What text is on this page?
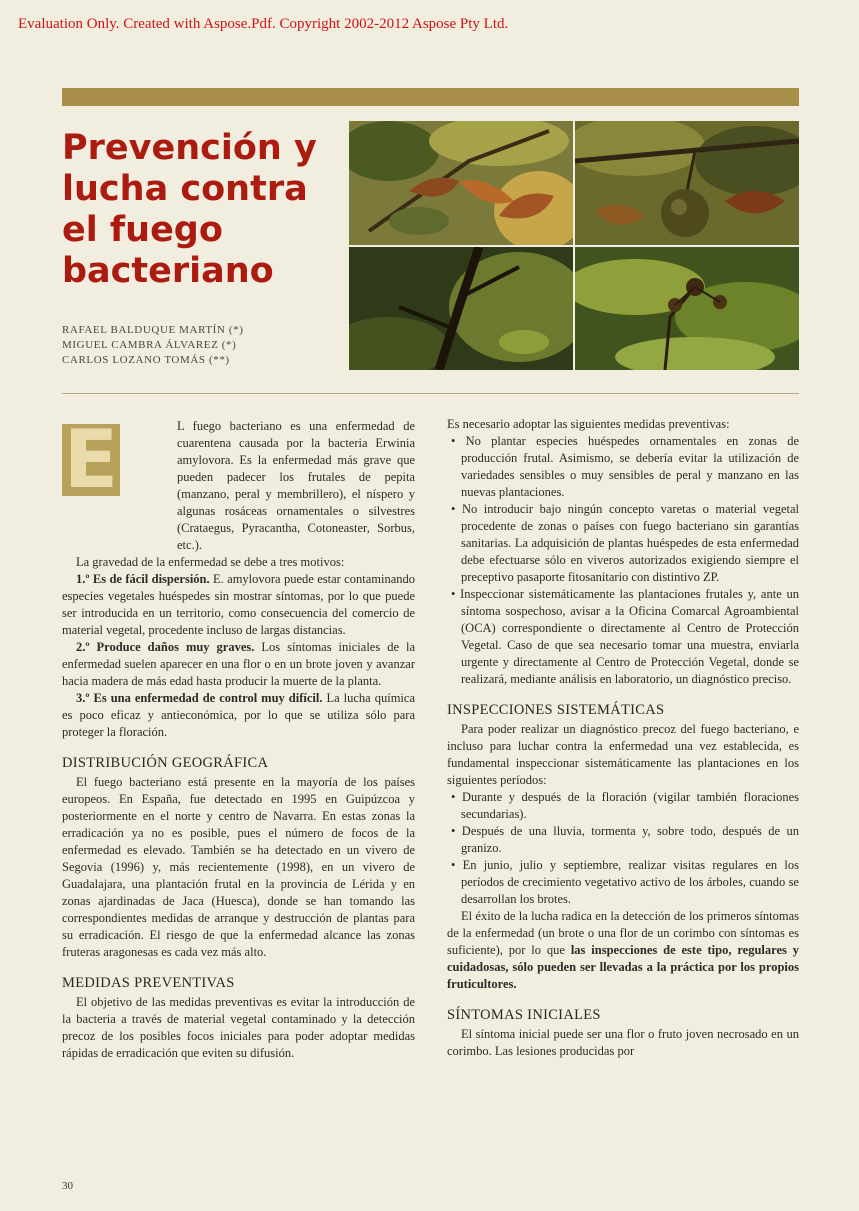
Evaluation Only. Created with Aspose.Pdf. Copyright 2002-2012 Aspose Pty Ltd.
Prevención y lucha contra el fuego bacteriano
RAFAEL BALDUQUE MARTÍN (*)
MIGUEL CAMBRA ÁLVAREZ (*)
CARLOS LOZANO TOMÁS (**)
E	L fuego bacteriano es una enfermedad de cuarentena causada por la bacteria Erwinia amylovora. Es la enfermedad más grave que pueden padecer los frutales de pepita (manzano, peral y membrillero), el níspero y algunas rosáceas ornamentales o silvestres (Crataegus, Pyracantha, Cotoneaster, Sorbus, etc.).

La gravedad de la enfermedad se debe a tres motivos:

1.º Es de fácil dispersión. E. amylovora puede estar contaminando especies vegetales huéspedes sin mostrar síntomas, por lo que puede ser introducida en un territorio, como consecuencia del comercio de material vegetal, procedente incluso de largas distancias.

2.º Produce daños muy graves. Los síntomas iniciales de la enfermedad suelen aparecer en una flor o en un brote joven y avanzar hacia madera de más edad hasta producir la muerte de la planta.

3.º Es una enfermedad de control muy difícil. La lucha química es poco eficaz y antieconómica, por lo que se utiliza sólo para proteger la floración.

DISTRIBUCIÓN GEOGRÁFICA

El fuego bacteriano está presente en la mayoría de los países europeos. En España, fue detectado en 1995 en Guipúzcoa y posteriormente en el norte y centro de Navarra. En estas zonas la erradicación ya no es posible, pues el número de focos de la enfermedad es elevado. También se ha detectado en un vivero de Segovia (1996) y, más recientemente (1998), en un vivero de Guadalajara, una plantación frutal en la provincia de Lérida y en zonas ajardinadas de Jaca (Huesca), donde se han tomando las correspondientes medidas de arranque y destrucción de plantas para su erradicación. El riesgo de que la enfermedad alcance las zonas fruteras aragonesas es cada vez más alto.

MEDIDAS PREVENTIVAS

El objetivo de las medidas preventivas es evitar la introducción de la bacteria a través de material vegetal contaminado y la detección precoz de los posibles focos iniciales para poder adoptar medidas rápidas de erradicación que eviten su difusión.

Es necesario adoptar las siguientes medidas preventivas:

• No plantar especies huéspedes ornamentales en zonas de producción frutal. Asimismo, se debería evitar la utilización de variedades sensibles o muy sensibles de peral y manzano en las nuevas plantaciones.

• No introducir bajo ningún concepto varetas o material vegetal procedente de zonas o países con fuego bacteriano sin garantías sanitarias. La adquisición de plantas huéspedes de esta enfermedad debe efectuarse sólo en viveros autorizados exigiendo siempre el preceptivo pasaporte fitosanitario con distintivo ZP.

• Inspeccionar sistemáticamente las plantaciones frutales y, ante un síntoma sospechoso, avisar a la Oficina Comarcal Agroambiental (OCA) correspondiente o directamente al Centro de Protección Vegetal. Caso de que sea necesario tomar una muestra, enviarla urgente y directamente al Centro de Protección Vegetal, donde se realizará, mediante análisis en laboratorio, un diagnóstico preciso.

INSPECCIONES SISTEMÁTICAS

Para poder realizar un diagnóstico precoz del fuego bacteriano, e incluso para luchar contra la enfermedad una vez establecida, es fundamental inspeccionar sistemáticamente las plantaciones en los siguientes períodos:

• Durante y después de la floración (vigilar también floraciones secundarias).

• Después de una lluvia, tormenta y, sobre todo, después de un granizo.

• En junio, julio y septiembre, realizar visitas regulares en los períodos de crecimiento vegetativo activo de los árboles, cuando se desarrollan los brotes.

El éxito de la lucha radica en la detección de los primeros síntomas de la enfermedad (un brote o una flor de un corimbo con síntomas es suficiente), por lo que las inspecciones de este tipo, regulares y cuidadosas, sólo pueden ser llevadas a la práctica por los propios fruticultores.

SÍNTOMAS INICIALES

El síntoma inicial puede ser una flor o fruto joven necrosado en un corimbo. Las lesiones producidas por

30
